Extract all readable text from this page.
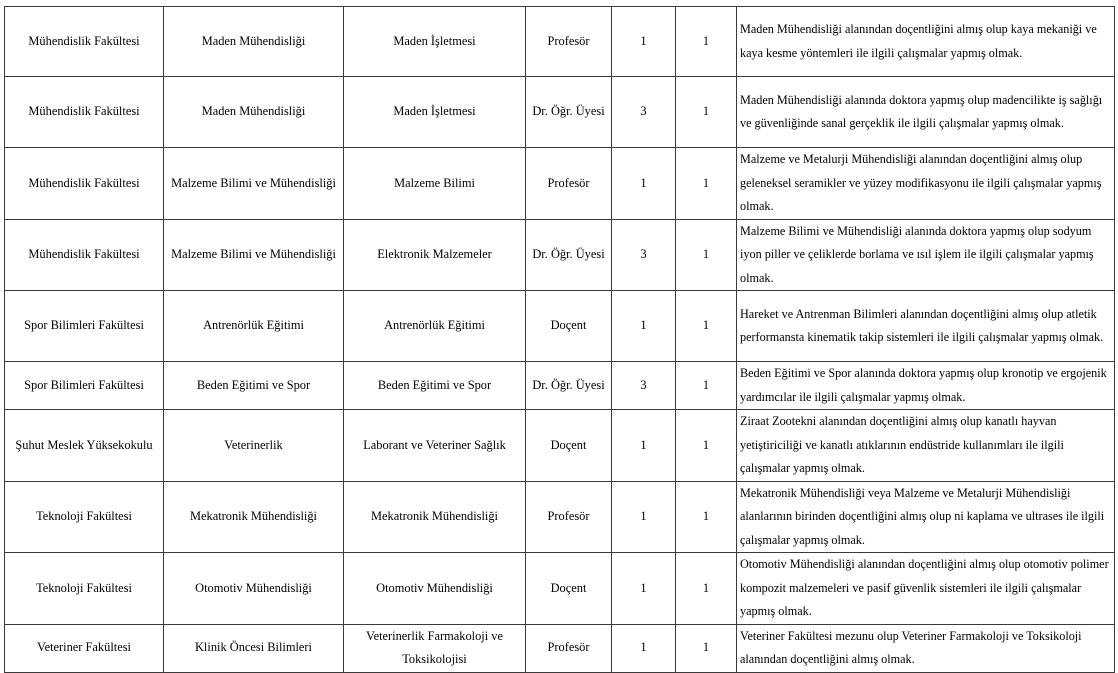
Mühendislik Fakültesi	Maden Mühendisliği	Maden İşletmesi	Profesör	1	1	Maden Mühendisliği alanından doçentliğini almış olup kaya mekaniği ve kaya kesme yöntemleri ile ilgili çalışmalar yapmış olmak.
Mühendislik Fakültesi	Maden Mühendisliği	Maden İşletmesi	Dr. Öğr. Üyesi	3	1	Maden Mühendisliği alanında doktora yapmış olup madencilikte iş sağlığı ve güvenliğinde sanal gerçeklik ile ilgili çalışmalar yapmış olmak.
Mühendislik Fakültesi	Malzeme Bilimi ve Mühendisliği	Malzeme Bilimi	Profesör	1	1	Malzeme ve Metalurji Mühendisliği alanından doçentliğini almış olup geleneksel seramikler ve yüzey modifikasyonu ile ilgili çalışmalar yapmış olmak.
Mühendislik Fakültesi	Malzeme Bilimi ve Mühendisliği	Elektronik Malzemeler	Dr. Öğr. Üyesi	3	1	Malzeme Bilimi ve Mühendisliği alanında doktora yapmış olup sodyum iyon piller ve çeliklerde borlama ve ısıl işlem ile ilgili çalışmalar yapmış olmak.
Spor Bilimleri Fakültesi	Antrenörlük Eğitimi	Antrenörlük Eğitimi	Doçent	1	1	Hareket ve Antrenman Bilimleri alanından doçentliğini almış olup atletik performansta kinematik takip sistemleri ile ilgili çalışmalar yapmış olmak.
Spor Bilimleri Fakültesi	Beden Eğitimi ve Spor	Beden Eğitimi ve Spor	Dr. Öğr. Üyesi	3	1	Beden Eğitimi ve Spor alanında doktora yapmış olup kronotip ve ergojenik yardımcılar ile ilgili çalışmalar yapmış olmak.
Şuhut Meslek Yüksekokulu	Veterinerlik	Laborant ve Veteriner Sağlık	Doçent	1	1	Ziraat Zootekni alanından doçentliğini almış olup kanatlı hayvan yetiştiriciliği ve kanatlı atıklarının endüstride kullanımları ile ilgili çalışmalar yapmış olmak.
Teknoloji Fakültesi	Mekatronik Mühendisliği	Mekatronik Mühendisliği	Profesör	1	1	Mekatronik Mühendisliği veya Malzeme ve Metalurji Mühendisliği alanlarının birinden doçentliğini almış olup ni kaplama ve ultrases ile ilgili çalışmalar yapmış olmak.
Teknoloji Fakültesi	Otomotiv Mühendisliği	Otomotiv Mühendisliği	Doçent	1	1	Otomotiv Mühendisliği alanından doçentliğini almış olup otomotiv polimer kompozit malzemeleri ve pasif güvenlik sistemleri ile ilgili çalışmalar yapmış olmak.
Veteriner Fakültesi	Klinik Öncesi Bilimleri	Veterinerlik Farmakoloji ve Toksikolojisi	Profesör	1	1	Veteriner Fakültesi mezunu olup Veteriner Farmakoloji ve Toksikoloji alanından doçentliğini almış olmak.
